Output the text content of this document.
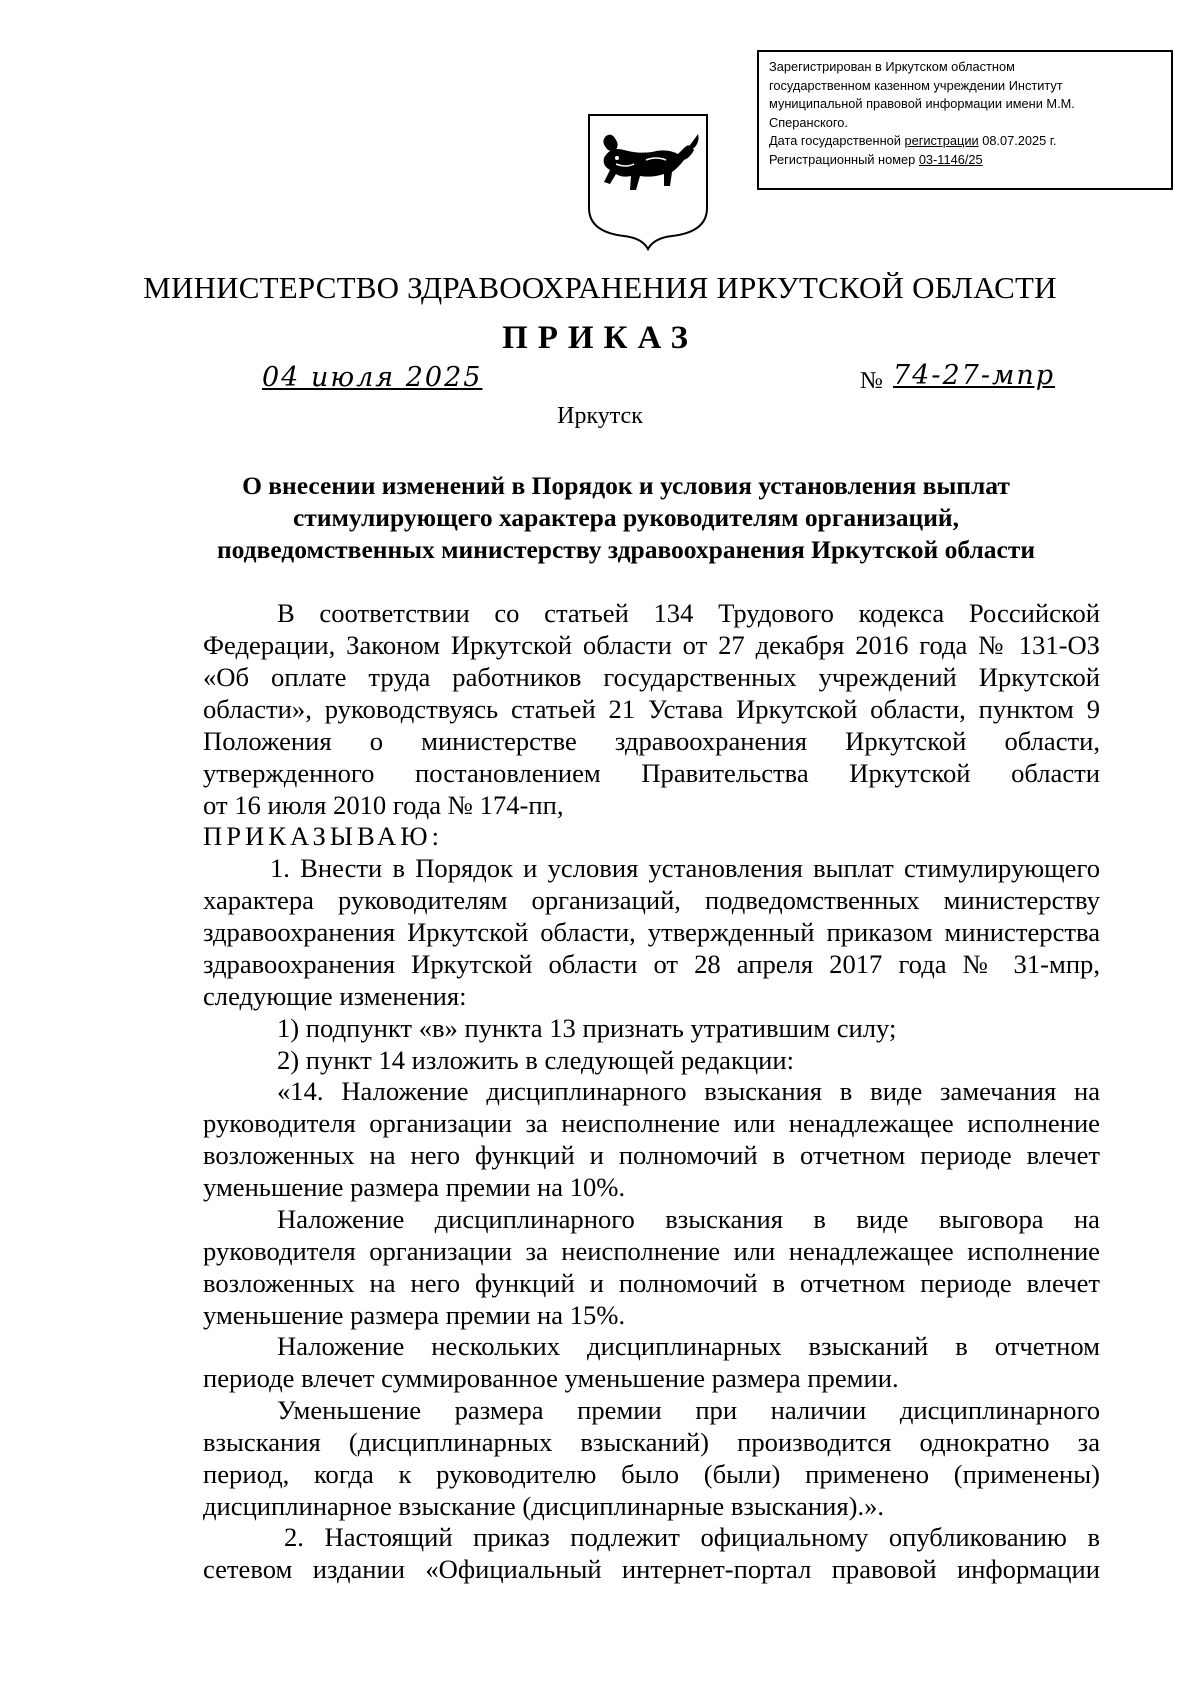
Зарегистрирован в Иркутском областном
государственном казенном учреждении Институт
муниципальной правовой информации имени М.М.
Сперанского.
Дата государственной регистрации 08.07.2025 г.
Регистрационный номер 03-1146/25
МИНИСТЕРСТВО ЗДРАВООХРАНЕНИЯ ИРКУТСКОЙ ОБЛАСТИ
ПРИКАЗ
04 июля 2025	№ 74-27-мпр
Иркутск
О внесении изменений в Порядок и условия установления выплат
стимулирующего характера руководителям организаций,
подведомственных министерству здравоохранения Иркутской области
В соответствии со статьей 134 Трудового кодекса Российской
Федерации, Законом Иркутской области от 27 декабря 2016 года № 131-ОЗ
«Об оплате труда работников государственных учреждений Иркутской
области», руководствуясь статьей 21 Устава Иркутской области, пунктом 9
Положения о министерстве здравоохранения Иркутской области,
утвержденного постановлением Правительства Иркутской области
от 16 июля 2010 года № 174-пп,
ПРИКАЗЫВАЮ:
1. Внести в Порядок и условия установления выплат стимулирующего
характера руководителям организаций, подведомственных министерству
здравоохранения Иркутской области, утвержденный приказом министерства
здравоохранения Иркутской области от 28 апреля 2017 года № 31-мпр,
следующие изменения:
1) подпункт «в» пункта 13 признать утратившим силу;
2) пункт 14 изложить в следующей редакции:
«14. Наложение дисциплинарного взыскания в виде замечания на
руководителя организации за неисполнение или ненадлежащее исполнение
возложенных на него функций и полномочий в отчетном периоде влечет
уменьшение размера премии на 10%.
Наложение дисциплинарного взыскания в виде выговора на
руководителя организации за неисполнение или ненадлежащее исполнение
возложенных на него функций и полномочий в отчетном периоде влечет
уменьшение размера премии на 15%.
Наложение нескольких дисциплинарных взысканий в отчетном
периоде влечет суммированное уменьшение размера премии.
Уменьшение размера премии при наличии дисциплинарного
взыскания (дисциплинарных взысканий) производится однократно за
период, когда к руководителю было (были) применено (применены)
дисциплинарное взыскание (дисциплинарные взыскания).».
2. Настоящий приказ подлежит официальному опубликованию в
сетевом издании «Официальный интернет-портал правовой информации
